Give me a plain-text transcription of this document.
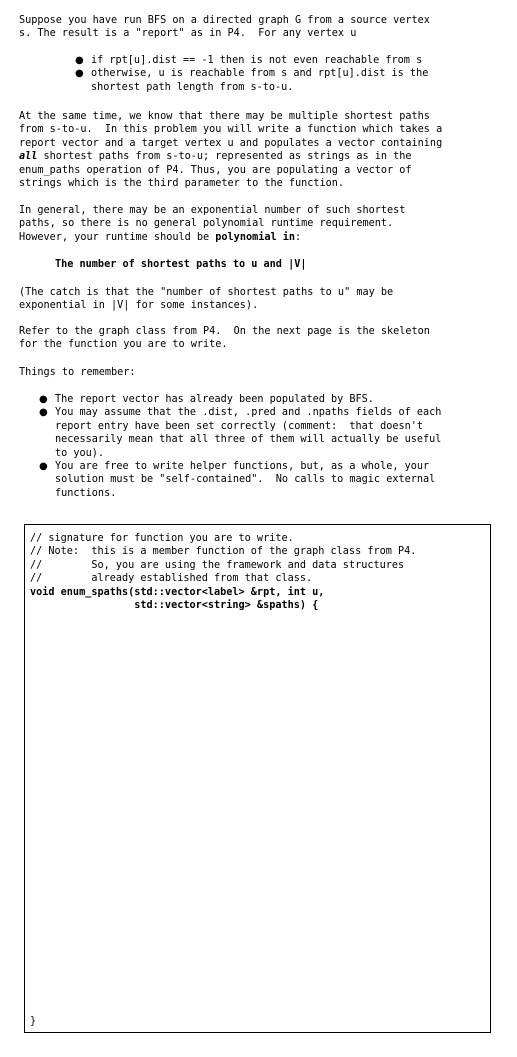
Suppose you have run BFS on a directed graph G from a source vertex
s. The result is a "report" as in P4.  For any vertex u

● if rpt[u].dist == -1 then is not even reachable from s
● otherwise, u is reachable from s and rpt[u].dist is the
shortest path length from s-to-u.

At the same time, we know that there may be multiple shortest paths
from s-to-u.  In this problem you will write a function which takes a
report vector and a target vertex u and populates a vector containing
all shortest paths from s-to-u; represented as strings as in the
enum_paths operation of P4. Thus, you are populating a vector of
strings which is the third parameter to the function.

In general, there may be an exponential number of such shortest
paths, so there is no general polynomial runtime requirement.
However, your runtime should be polynomial in:

The number of shortest paths to u and |V|

(The catch is that the "number of shortest paths to u" may be
exponential in |V| for some instances).

Refer to the graph class from P4.  On the next page is the skeleton
for the function you are to write.

Things to remember:

● The report vector has already been populated by BFS.
● You may assume that the .dist, .pred and .npaths fields of each
report entry have been set correctly (comment:  that doesn't
necessarily mean that all three of them will actually be useful
to you).
● You are free to write helper functions, but, as a whole, your
solution must be "self-contained".  No calls to magic external
functions.
// signature for function you are to write.
// Note:  this is a member function of the graph class from P4.
//        So, you are using the framework and data structures
//        already established from that class.
void enum_spaths(std::vector<label> &rpt, int u,
std::vector<string> &spaths) {
}
